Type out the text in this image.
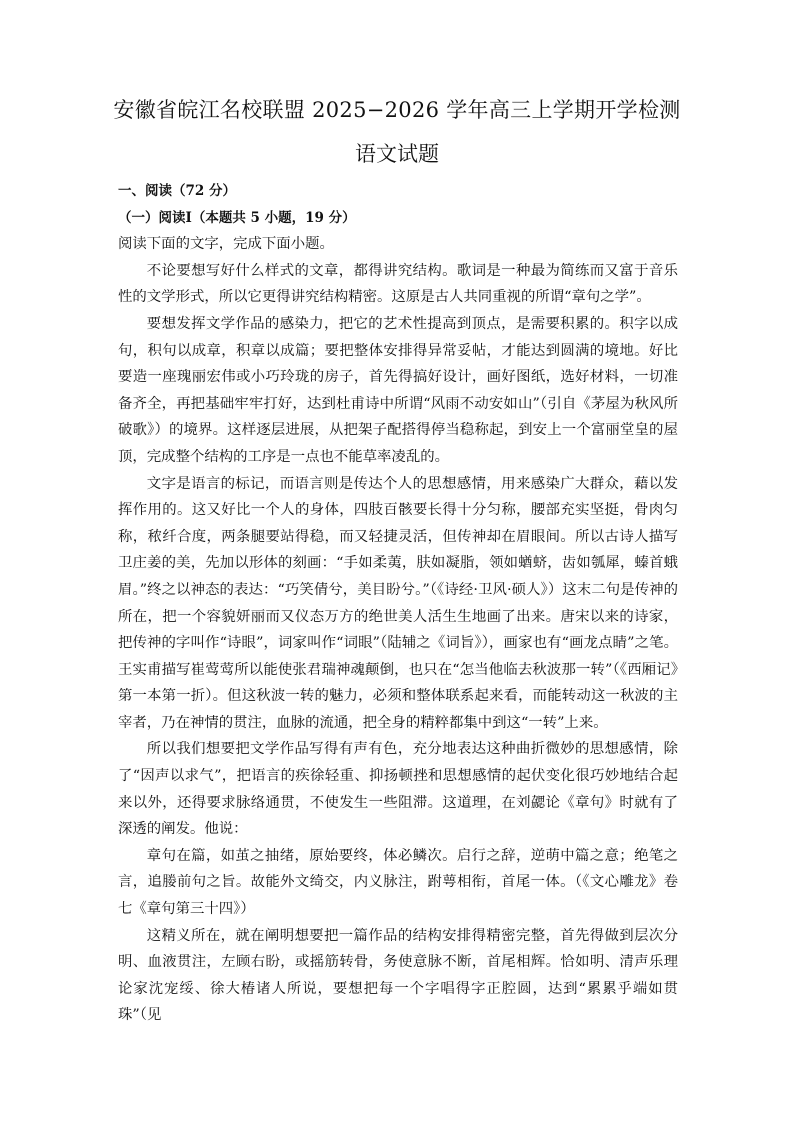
安徽省皖江名校联盟 2025−2026 学年高三上学期开学检测
语文试题

一、阅读（72 分）

（一）阅读Ⅰ（本题共 5 小题，19 分）

阅读下面的文字，完成下面小题。

不论要想写好什么样式的文章，都得讲究结构。歌词是一种最为简练而又富于音乐性的文学形式，所以它更得讲究结构精密。这原是古人共同重视的所谓“章句之学”。

要想发挥文学作品的感染力，把它的艺术性提高到顶点，是需要积累的。积字以成句，积句以成章，积章以成篇；要把整体安排得异常妥帖，才能达到圆满的境地。好比要造一座瑰丽宏伟或小巧玲珑的房子，首先得搞好设计，画好图纸，选好材料，一切准备齐全，再把基础牢牢打好，达到杜甫诗中所谓“风雨不动安如山”（引自《茅屋为秋风所破歌》）的境界。这样逐层进展，从把架子配搭得停当稳称起，到安上一个富丽堂皇的屋顶，完成整个结构的工序是一点也不能草率凌乱的。

文字是语言的标记，而语言则是传达个人的思想感情，用来感染广大群众，藉以发挥作用的。这又好比一个人的身体，四肢百骸要长得十分匀称，腰部充实坚挺，骨肉匀称，秾纤合度，两条腿要站得稳，而又轻捷灵活，但传神却在眉眼间。所以古诗人描写卫庄姜的美，先加以形体的刻画：“手如柔荑，肤如凝脂，领如蝤蛴，齿如瓠犀，螓首蛾眉。”终之以神态的表达：“巧笑倩兮，美目盼兮。”（《诗经·卫风·硕人》）这末二句是传神的所在，把一个容貌妍丽而又仪态万方的绝世美人活生生地画了出来。唐宋以来的诗家，把传神的字叫作“诗眼”，词家叫作“词眼”（陆辅之《词旨》），画家也有“画龙点睛”之笔。王实甫描写崔莺莺所以能使张君瑞神魂颠倒，也只在“怎当他临去秋波那一转”（《西厢记》第一本第一折）。但这秋波一转的魅力，必须和整体联系起来看，而能转动这一秋波的主宰者，乃在神情的贯注，血脉的流通，把全身的精粹都集中到这“一转”上来。

所以我们想要把文学作品写得有声有色，充分地表达这种曲折微妙的思想感情，除了“因声以求气”，把语言的疾徐轻重、抑扬顿挫和思想感情的起伏变化很巧妙地结合起来以外，还得要求脉络通贯，不使发生一些阻滞。这道理，在刘勰论《章句》时就有了深透的阐发。他说：

章句在篇，如茧之抽绪，原始要终，体必鳞次。启行之辞，逆萌中篇之意；绝笔之言，追媵前句之旨。故能外文绮交，内义脉注，跗萼相衔，首尾一体。（《文心雕龙》卷七《章句第三十四》）

这精义所在，就在阐明想要把一篇作品的结构安排得精密完整，首先得做到层次分明、血液贯注，左顾右盼，或摇筋转骨，务使意脉不断，首尾相辉。恰如明、清声乐理论家沈宠绥、徐大椿诸人所说，要想把每一个字唱得字正腔圆，达到“累累乎端如贯珠”（见
